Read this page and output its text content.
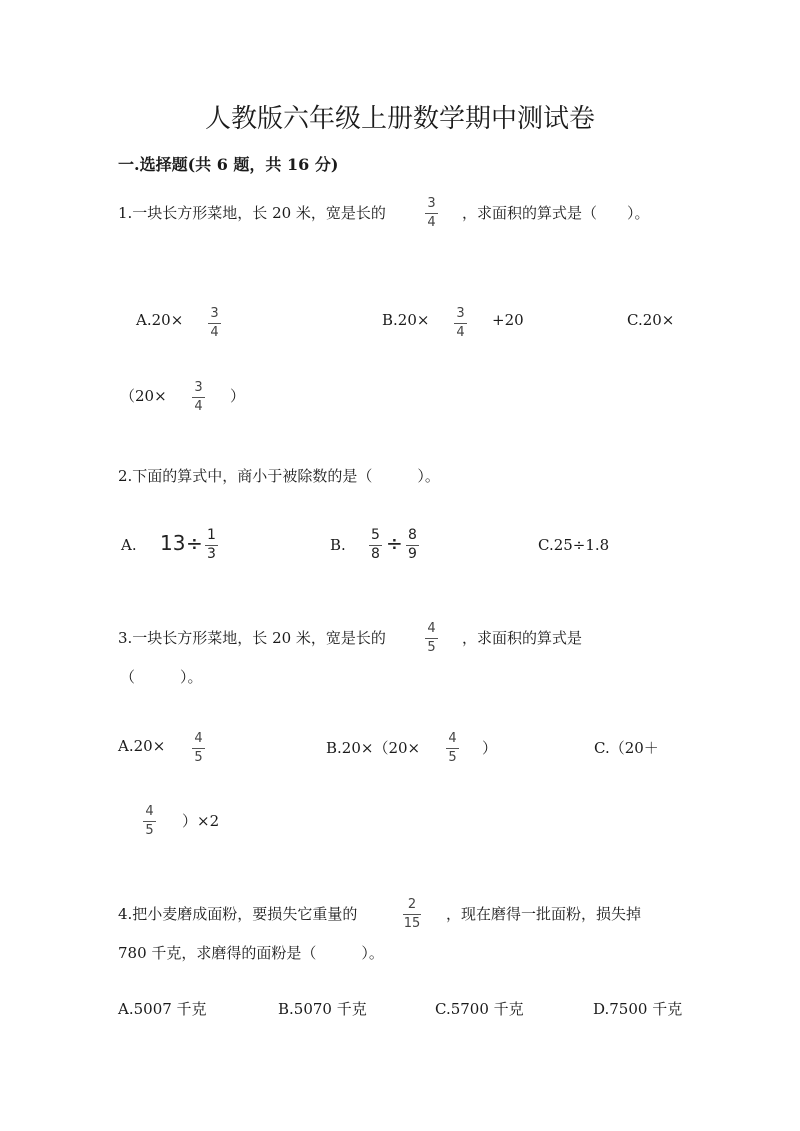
人教版六年级上册数学期中测试卷
一.选择题(共 6 题，共 16 分)
1.一块长方形菜地，长 20 米，宽是长的
3
4
，求面积的算式是（　　）。
A.20× 3
4
B.20× 3
4
+20	C.20×
（20× 3
4
）
2.下面的算式中，商小于被除数的是（　　　）。
A. 13 ÷ 1
3	B.
5
8 ÷ 8
9	C.25÷1.8
3.一块长方形菜地，长 20 米，宽是长的
4
5
，求面积的算式是
（　　　）。
A.20× 4
5
B.20×（20×
4
5
）	C.（20＋
4
5
）×2
4.把小麦磨成面粉，要损失它重量的
2
15
，现在磨得一批面粉，损失掉
780 千克，求磨得的面粉是（　　　）。
A.5007 千克	B.5070 千克	C.5700 千克	D.7500 千克
